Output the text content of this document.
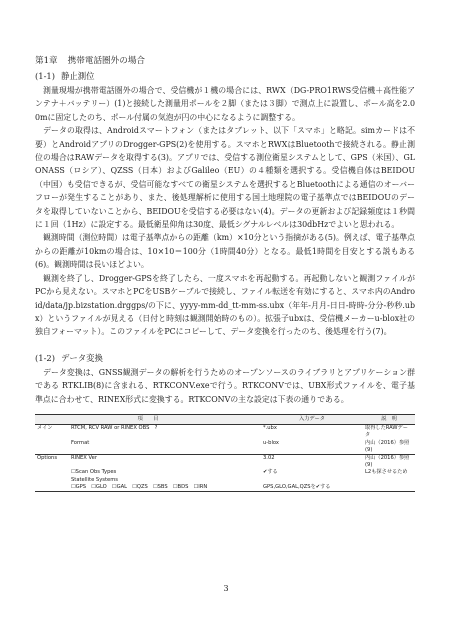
第1章 携帯電話圏外の場合
(1-1) 静止測位

測量現場が携帯電話圏外の場合で、受信機が１機の場合には、RWX（DG-PRO1RWS受信機＋高性能アンテナ＋バッテリー）(1)と接続した測量用ポールを２脚（または３脚）で測点上に設置し、ポール高を2.00mに固定したのち、ポール付属の気泡が円の中心になるように調整する。

データの取得は、Androidスマートフォン（またはタブレット、以下「スマホ」と略記。simカードは不要）とAndroidアプリのDrogger-GPS(2)を使用する。スマホとRWXはBluetoothで接続される。静止測位の場合はRAWデータを取得する(3)。アプリでは、受信する測位衛星システムとして、GPS（米国）、GLONASS（ロシア）、QZSS（日本）およびGalileo（EU）の４種類を選択する。受信機自体はBEIDOU（中国）も受信できるが、受信可能なすべての衛星システムを選択するとBluetoothによる通信のオーバーフローが発生することがあり、また、後処理解析に使用する国土地理院の電子基準点ではBEIDOUのデータを取得していないことから、BEIDOUを受信する必要はない(4)。データの更新および記録頻度は１秒間に１回（1Hz）に設定する。最低衛星仰角は30度、最低シグナルレベルは30dbHzでよいと思われる。

観測時間（測位時間）は電子基準点からの距離（km）×10分という指摘がある(5)。例えば、電子基準点からの距離が10kmの場合は、10×10＝100分（1時間40分）となる。最低1時間を目安とする説もある(6)。観測時間は長いほどよい。

観測を終了し、Drogger-GPSを終了したら、一度スマホを再起動する。再起動しないと観測ファイルがPCから見えない。スマホとPCをUSBケーブルで接続し、ファイル転送を有効にすると、スマホ内のAndroid/data/jp.bizstation.drggps/の下に、yyyy-mm-dd_tt-mm-ss.ubx（年年-月月-日日-時時-分分-秒秒.ubx）というファイルが見える（日付と時刻は観測開始時のもの）。拡張子ubxは、受信機メーカーu-blox社の独自フォーマット）。このファイルをPCにコピーして、データ変換を行ったのち、後処理を行う(7)。

(1-2) データ変換

データ変換は、GNSS観測データの解析を行うためのオープンソースのライブラリとアプリケーション群である RTKLIB(8)に含まれる、RTKCONV.exeで行う。RTKCONVでは、UBX形式ファイルを、電子基準点に合わせて、RINEX形式に変換する。RTKCONVの主な設定は下表の通りである。

項　　目		入力データ	説　明
メイン	RTCM, RCV RAW or RINEX OBS　?	*.ubx	取得したRAWデータ
	Format	u-blox	内山（2016）参照(9)
Options	RINEX Ver	3.02	内山（2016）参照(9)
	☐Scan Obs Types	✔する	L2も探させるため
	Statellite Systems		
	☐GPS　☐GLO　☐GAL　☐QZS　☐SBS　☐BDS　☐IRN	GPS,GLO,GAL,QZSを✔する	
3
